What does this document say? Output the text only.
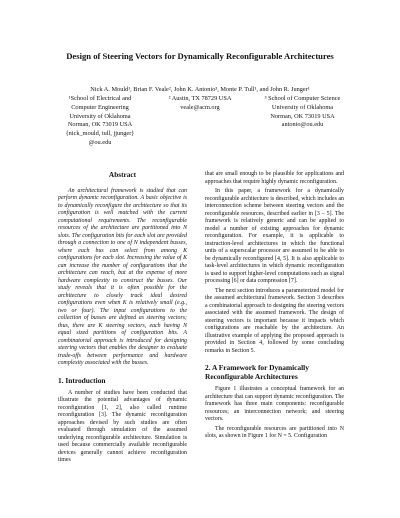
Design of Steering Vectors for Dynamically Reconfigurable Architectures
Nick A. Mould¹, Brian F. Veale², John K. Antonio³, Monte P. Tull¹, and John R. Junger¹

¹School of Electrical and

Computer Engineering

University of Oklahoma

Norman, OK 73019 USA

{nick_mould, tull, jjunger}

@ou.edu

² Austin, TX 78729 USA

veale@acm.org

³ School of Computer Science

University of Oklahoma

Norman, OK 73019 USA

antonio@ou.edu

Abstract

An architectural framework is studied that can perform dynamic reconfiguration. A basic objective is to dynamically reconfigure the architecture so that its configuration is well matched with the current computational requirements. The reconfigurable resources of the architecture are partitioned into N slots. The configuration bits for each slot are provided through a connection to one of N independent busses, where each bus can select from among K configurations for each slot. Increasing the value of K can increase the number of configurations that the architecture can reach, but at the expense of more hardware complexity to construct the busses. Our study reveals that it is often possible for the architecture to closely track ideal desired configurations even when K is relatively small (e.g., two or four). The input configurations to the collection of busses are defined as steering vectors; thus, there are K steering vectors, each having N equal sized partitions of configuration bits. A combinatorial approach is introduced for designing steering vectors that enables the designer to evaluate trade-offs between performance and hardware complexity associated with the busses.

1. Introduction

A number of studies have been conducted that illustrate the potential advantages of dynamic reconfiguration [1, 2], also called runtime reconfiguration [3]. The dynamic reconfiguration approaches devised by such studies are often evaluated through simulation of the assumed underlying reconfigurable architecture. Simulation is used because commercially available reconfigurable devices generally cannot achieve reconfiguration times

that are small enough to be plausible for applications and approaches that require highly dynamic reconfiguration.

In this paper, a framework for a dynamically reconfigurable architecture is described, which includes an interconnection scheme between steering vectors and the reconfigurable resources, described earlier in [3 – 5]. The framework is relatively generic and can be applied to model a number of existing approaches for dynamic reconfiguration. For example, it is applicable to instruction-level architectures in which the functional units of a superscalar processor are assumed to be able to be dynamically reconfigured [4, 5]. It is also applicable to task-level architectures in which dynamic reconfiguration is used to support higher-level computations such as signal processing [6] or data compression [7].

The next section introduces a parameterized model for the assumed architectural framework. Section 3 describes a combinatorial approach to designing the steering vectors associated with the assumed framework. The design of steering vectors is important because it impacts which configurations are reachable by the architecture. An illustrative example of applying the proposed approach is provided in Section 4, followed by some concluding remarks in Section 5.

2. A Framework for Dynamically Reconfigurable Architectures

Figure 1 illustrates a conceptual framework for an architecture that can support dynamic reconfiguration. The framework has three main components: reconfigurable resources; an interconnection network; and steering vectors.

The reconfigurable resources are partitioned into N slots, as shown in Figure 1 for N = 5. Configuration
